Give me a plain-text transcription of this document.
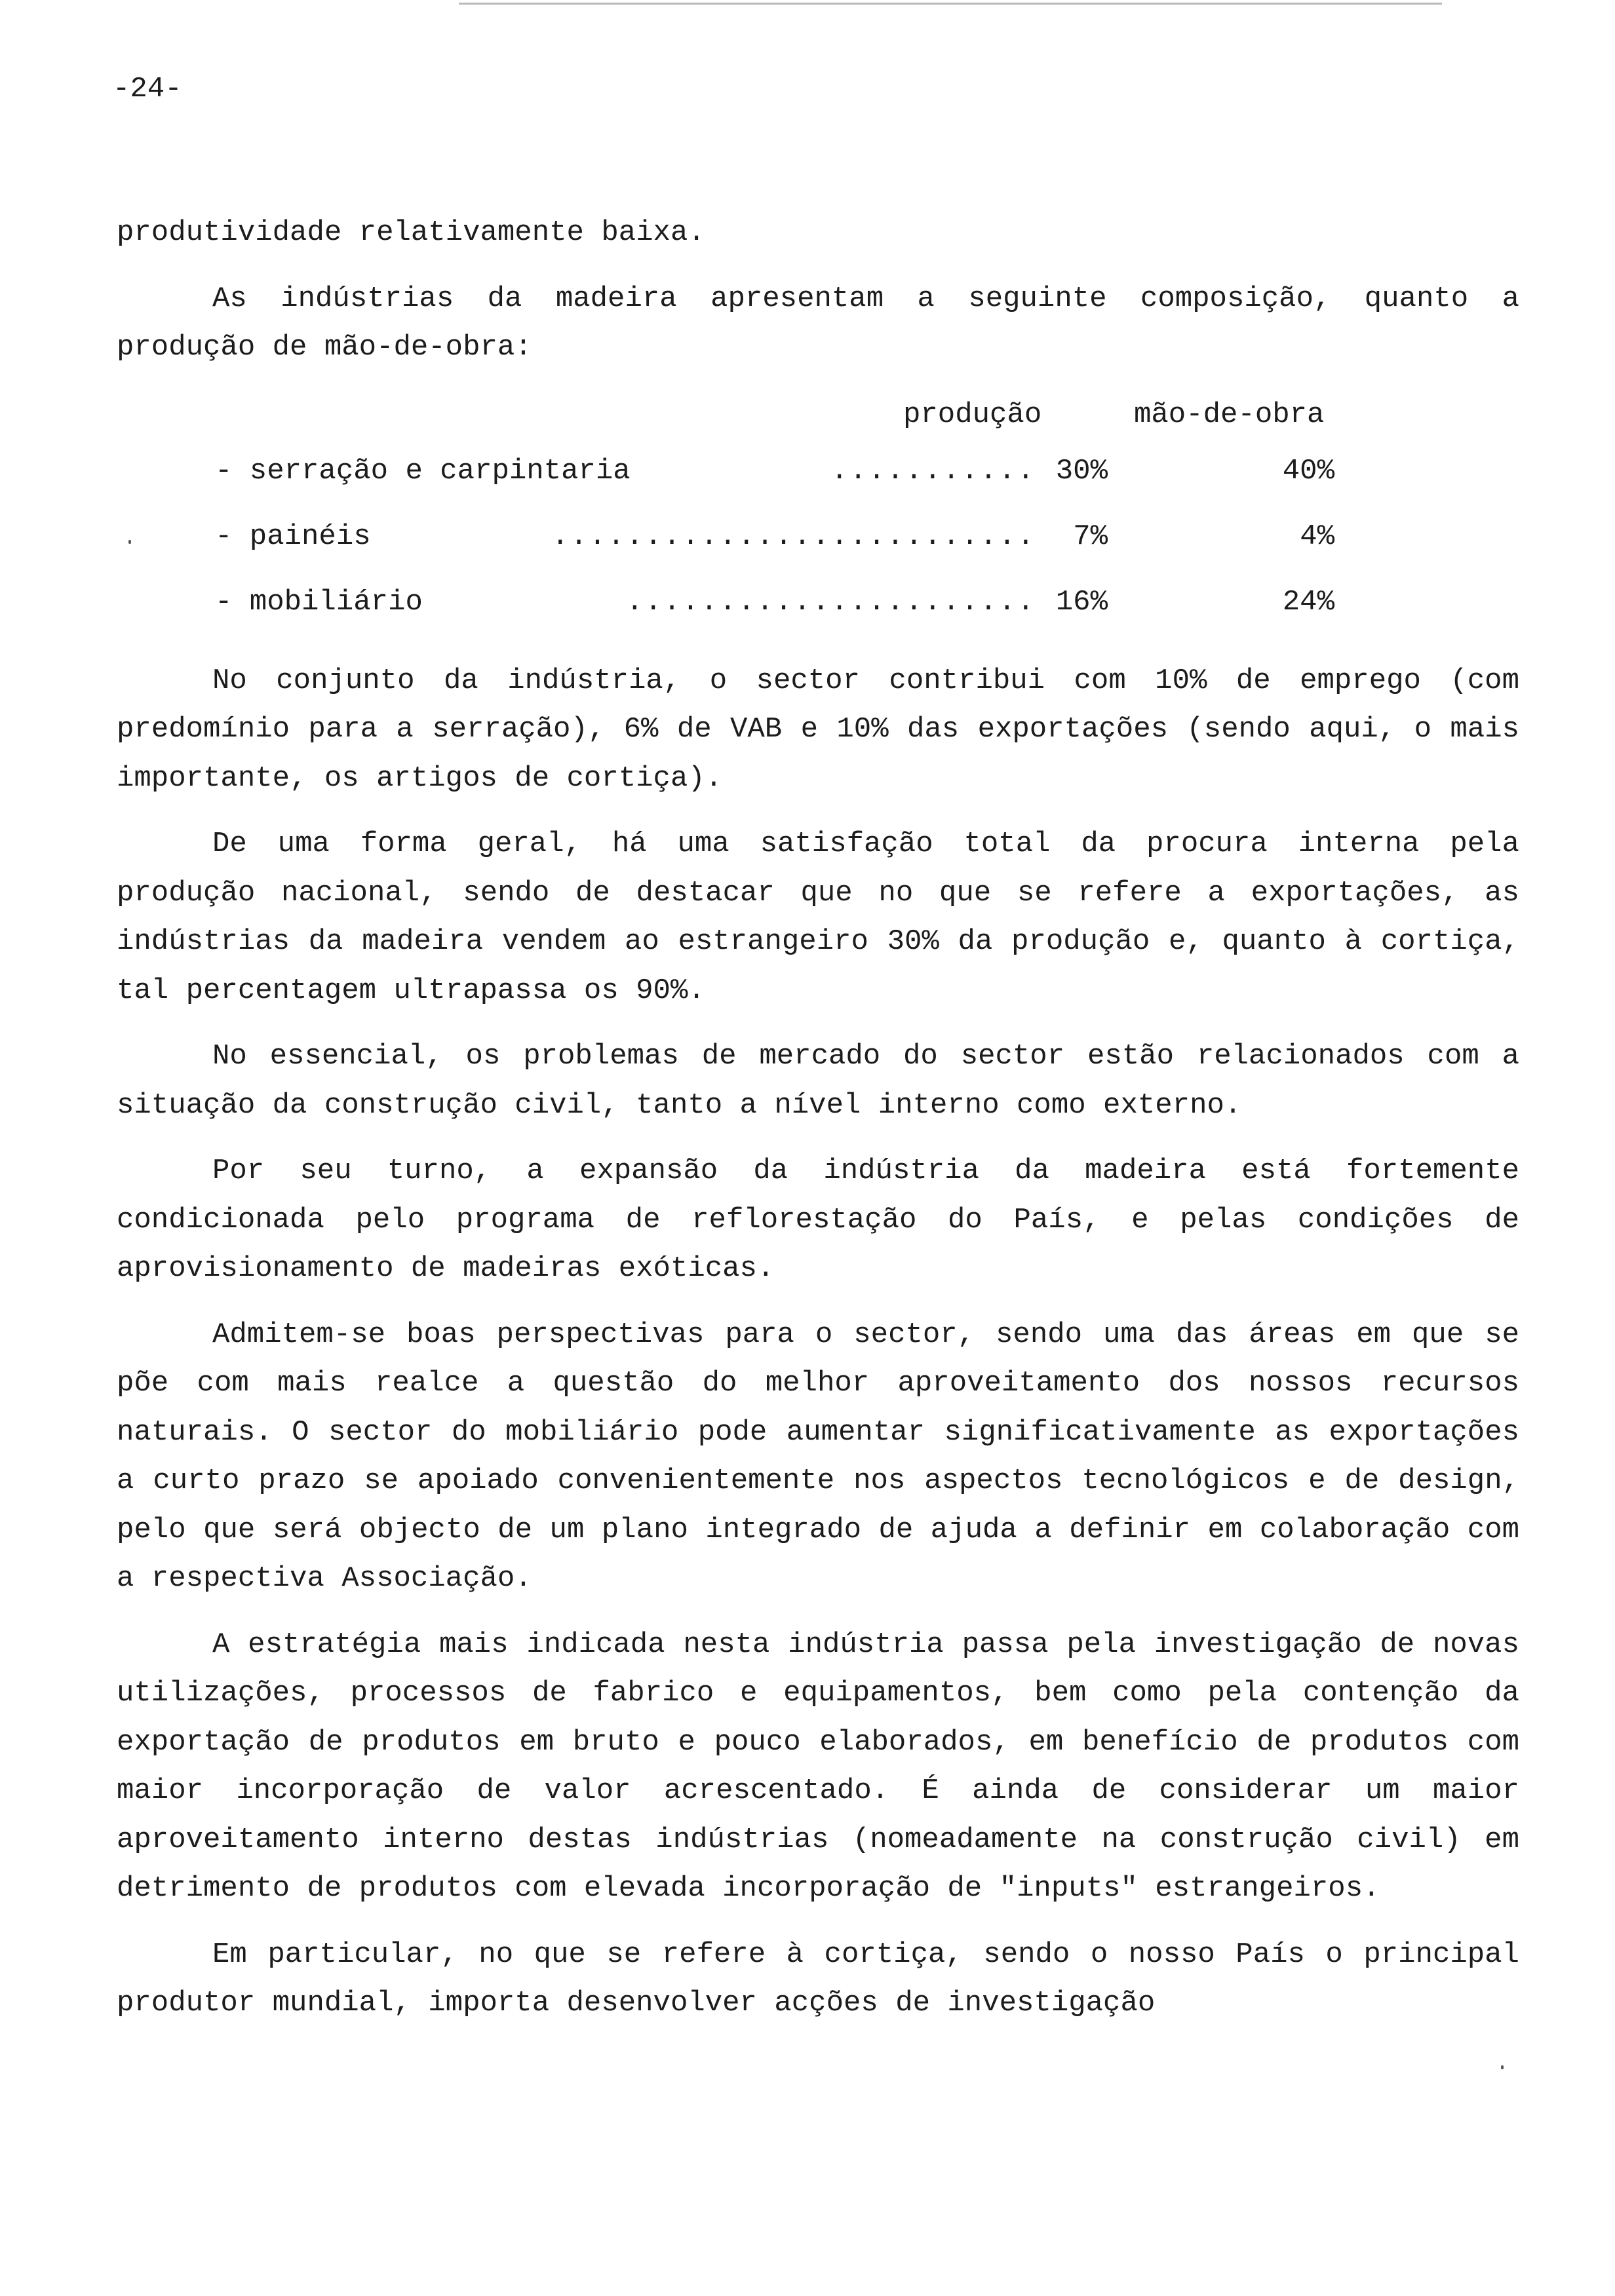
-24-

produtividade relativamente baixa.

As indústrias da madeira apresentam a seguinte composição, quanto a produção de mão-de-obra:

produção	mão-de-obra
- serração e carpintaria	........... 30%	40%
- painéis	..........................	7%	4%
- mobiliário	...................... 16%	24%

No conjunto da indústria, o sector contribui com 10% de emprego (com predomínio para a serração), 6% de VAB e 10% das exportações (sendo aqui, o mais importante, os artigos de cortiça).

De uma forma geral, há uma satisfação total da procura interna pela produção nacional, sendo de destacar que no que se refere a exportações, as indústrias da madeira vendem ao estrangeiro 30% da produção e, quanto à cortiça, tal percentagem ultrapassa os 90%.

No essencial, os problemas de mercado do sector estão relacionados com a situação da construção civil, tanto a nível interno como externo.

Por seu turno, a expansão da indústria da madeira está fortemente condicionada pelo programa de reflorestação do País, e pelas condições de aprovisionamento de madeiras exóticas.

Admitem-se boas perspectivas para o sector, sendo uma das áreas em que se põe com mais realce a questão do melhor aproveitamento dos nossos recursos naturais. O sector do mobiliário pode aumentar significativamente as exportações a curto prazo se apoiado convenientemente nos aspectos tecnológicos e de design, pelo que será objecto de um plano integrado de ajuda a definir em colaboração com a respectiva Associação.

A estratégia mais indicada nesta indústria passa pela investigação de novas utilizações, processos de fabrico e equipamentos, bem como pela contenção da exportação de produtos em bruto e pouco elaborados, em benefício de produtos com maior incorporação de valor acrescentado. É ainda de considerar um maior aproveitamento interno destas indústrias (nomeadamente na construção civil) em detrimento de produtos com elevada incorporação de "inputs" estrangeiros.

Em particular, no que se refere à cortiça, sendo o nosso País o principal produtor mundial, importa desenvolver acções de investigação
